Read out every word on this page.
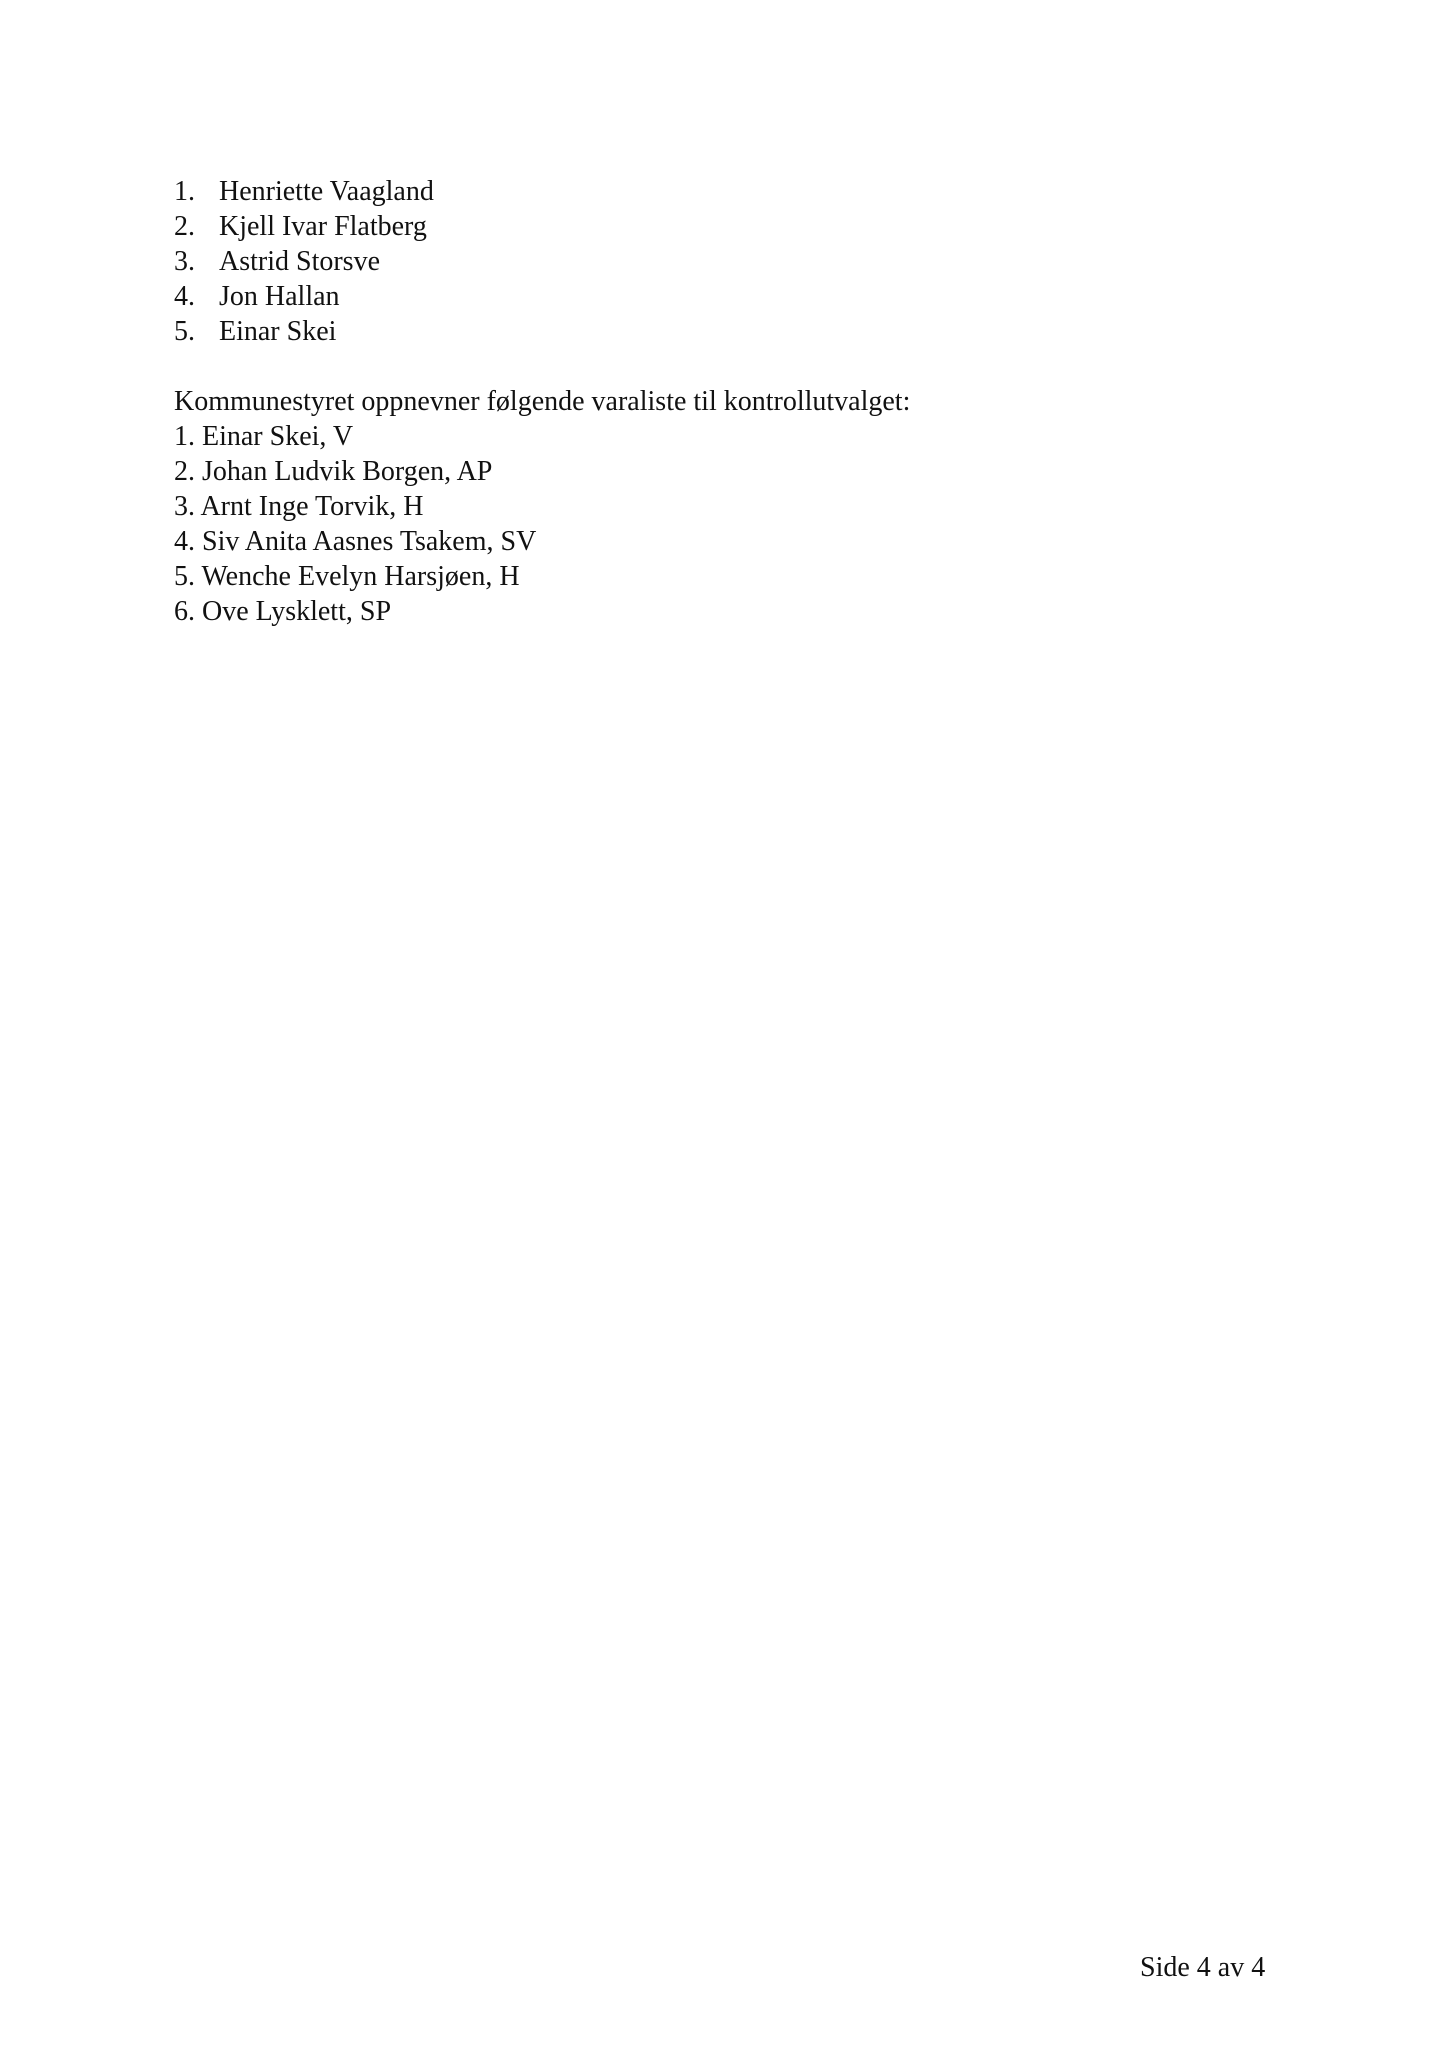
1. Henriette Vaagland
2. Kjell Ivar Flatberg
3. Astrid Storsve
4. Jon Hallan
5. Einar Skei
Kommunestyret oppnevner følgende varaliste til kontrollutvalget:
1. Einar Skei, V
2. Johan Ludvik Borgen, AP
3. Arnt Inge Torvik, H
4. Siv Anita Aasnes Tsakem, SV
5. Wenche Evelyn Harsjøen, H
6. Ove Lysklett, SP
Side 4 av 4
